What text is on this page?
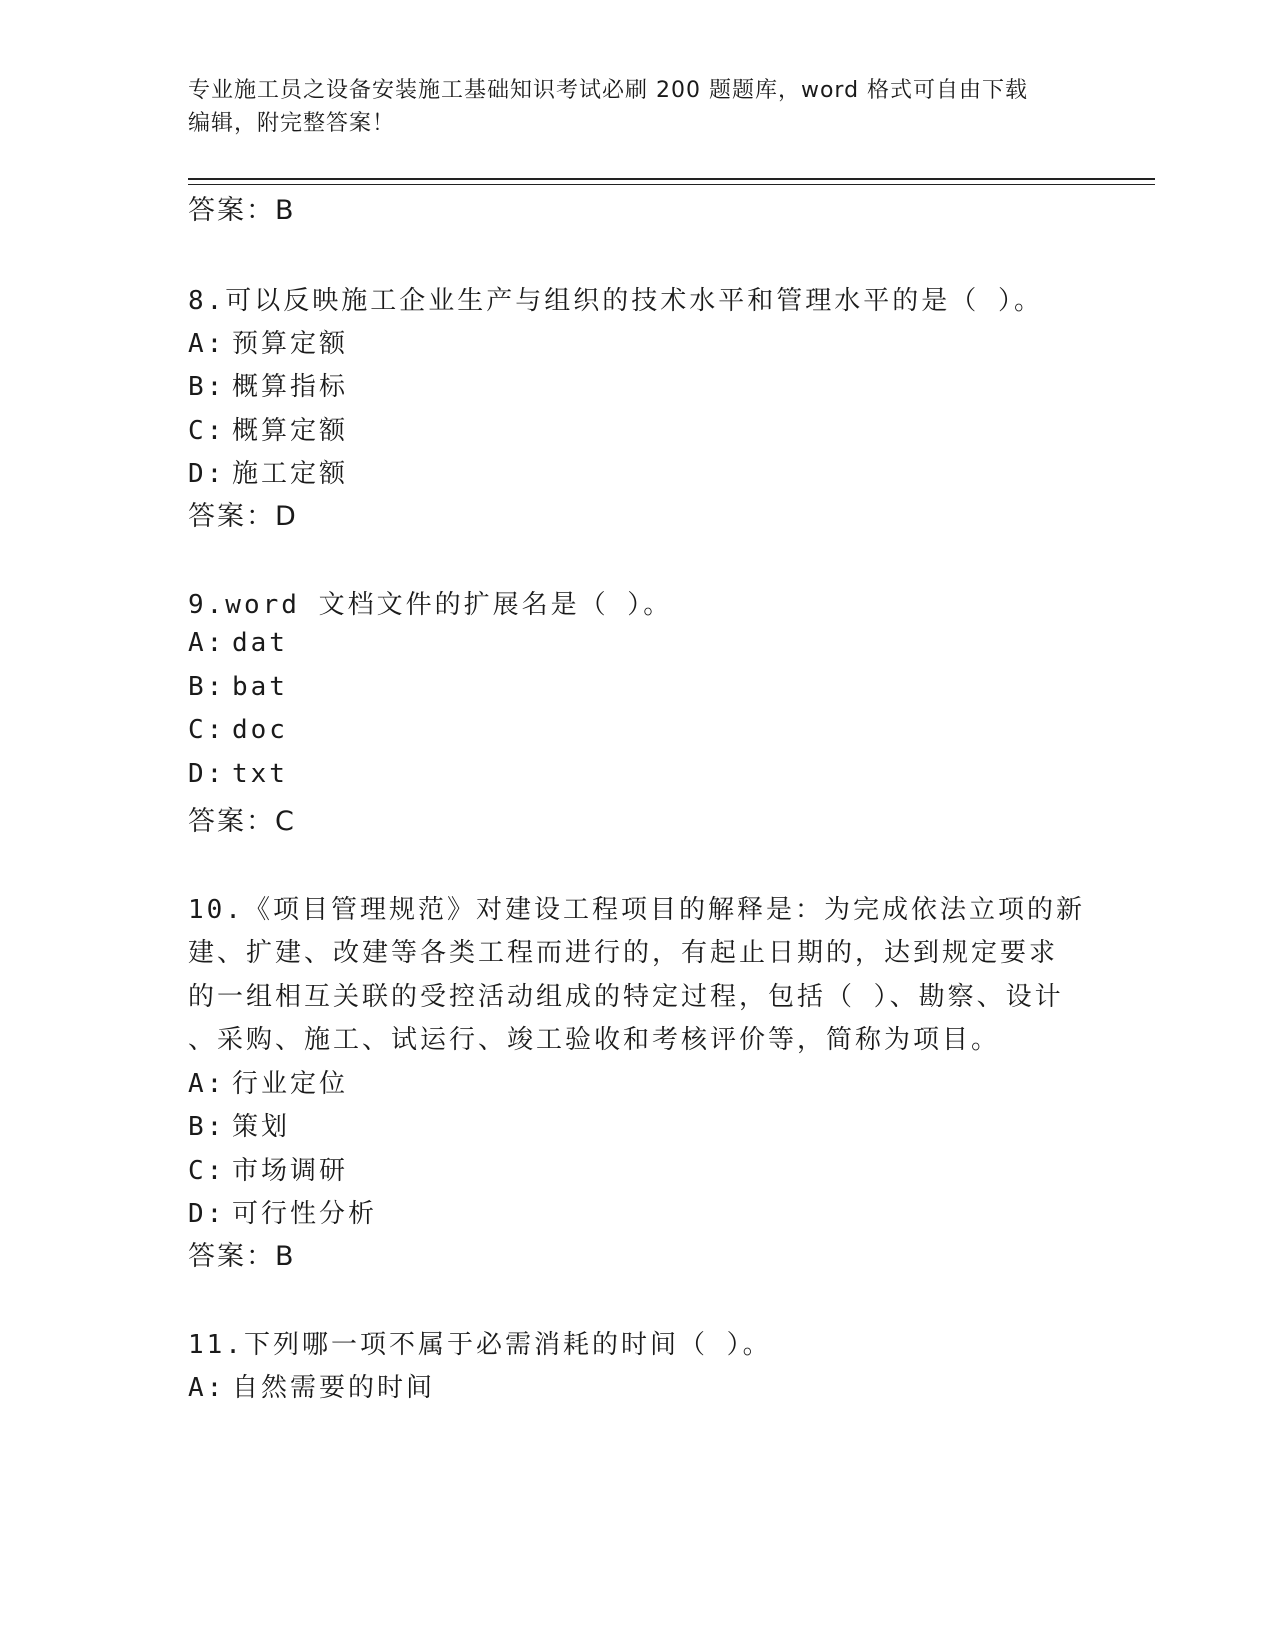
专业施工员之设备安装施工基础知识考试必刷 200 题题库，word 格式可自由下载
编辑，附完整答案！
答案：B
8.可以反映施工企业生产与组织的技术水平和管理水平的是（ ）。
A: 预算定额
B: 概算指标
C: 概算定额
D: 施工定额
答案：D
9.word 文档文件的扩展名是（ ）。
A: dat
B: bat
C: doc
D: txt
答案：C
10.《项目管理规范》对建设工程项目的解释是：为完成依法立项的新
建、扩建、改建等各类工程而进行的，有起止日期的，达到规定要求
的一组相互关联的受控活动组成的特定过程，包括（ ）、勘察、设计
、采购、施工、试运行、竣工验收和考核评价等，简称为项目。
A: 行业定位
B: 策划
C: 市场调研
D: 可行性分析
答案：B
11.下列哪一项不属于必需消耗的时间（ ）。
A: 自然需要的时间
